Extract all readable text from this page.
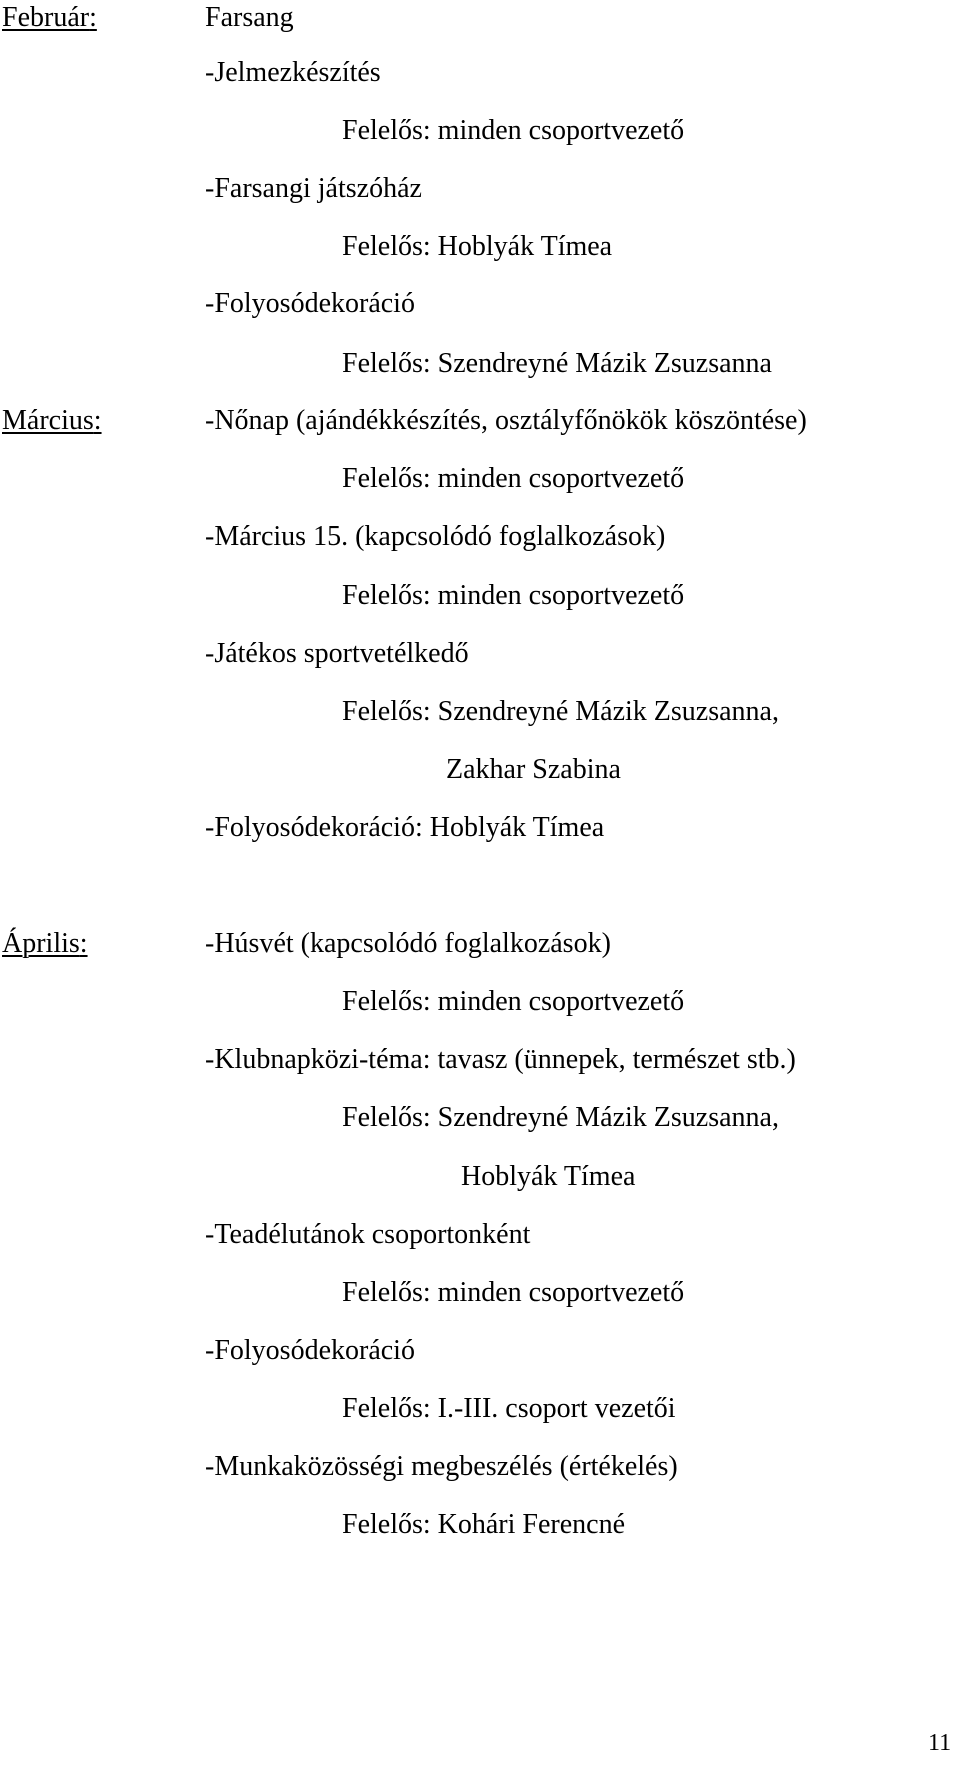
Február:	Farsang
-Jelmezkészítés
Felelős: minden csoportvezető
-Farsangi játszóház
Felelős: Hoblyák Tímea
-Folyosódekoráció
Felelős: Szendreyné Mázik Zsuzsanna
Március:	-Nőnap (ajándékkészítés, osztályfőnökök köszöntése)
Felelős: minden csoportvezető
-Március 15. (kapcsolódó foglalkozások)
Felelős: minden csoportvezető
-Játékos sportvetélkedő
Felelős: Szendreyné Mázik Zsuzsanna,
Zakhar Szabina
-Folyosódekoráció: Hoblyák Tímea
Április:	-Húsvét (kapcsolódó foglalkozások)
Felelős: minden csoportvezető
-Klubnapközi-téma: tavasz (ünnepek, természet stb.)
Felelős: Szendreyné Mázik Zsuzsanna,
Hoblyák Tímea
-Teadélutánok csoportonként
Felelős: minden csoportvezető
-Folyosódekoráció
Felelős: I.-III. csoport vezetői
-Munkaközösségi megbeszélés (értékelés)
Felelős: Kohári Ferencné
11
